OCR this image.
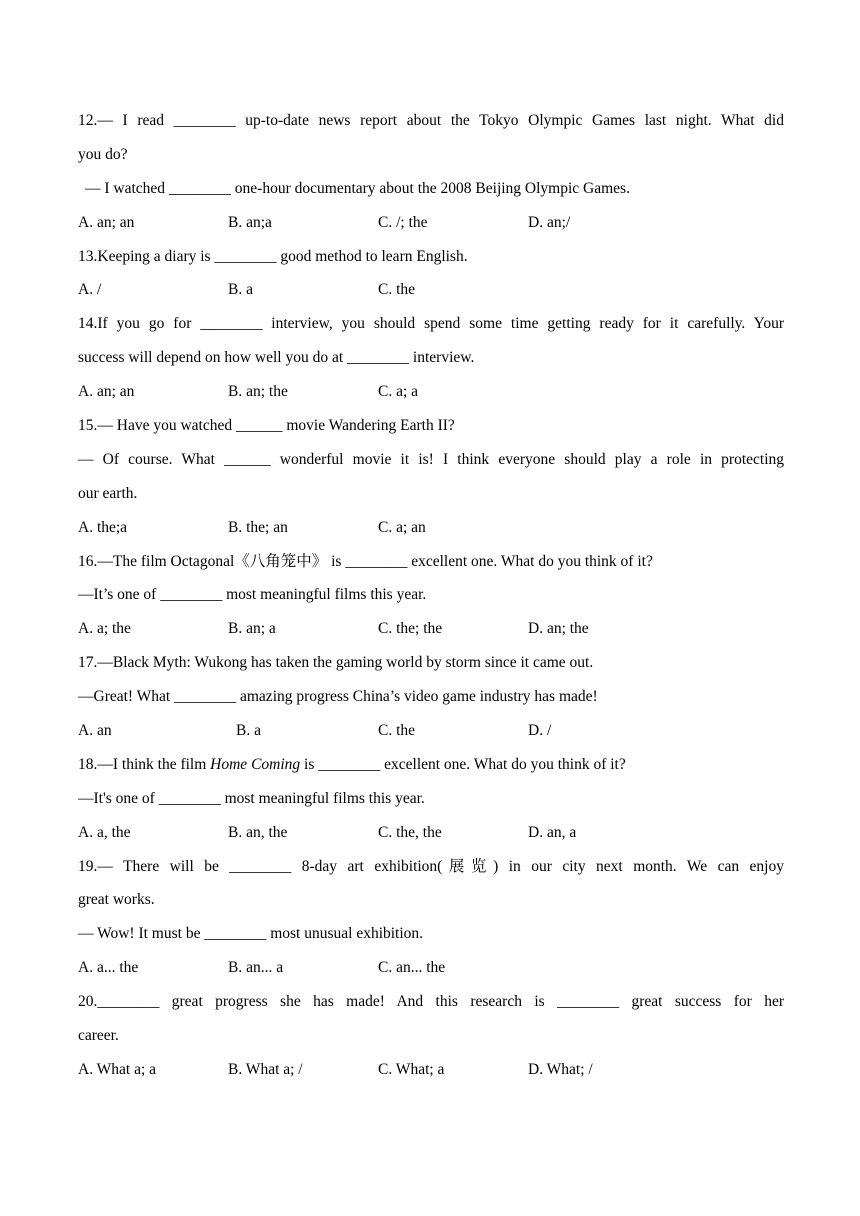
12.— I read ________ up-to-date news report about the Tokyo Olympic Games last night. What did
you do?
— I watched ________ one-hour documentary about the 2008 Beijing Olympic Games.
A. an; an	B. an;a	C. /; the	D. an;/
13.Keeping a diary is ________ good method to learn English.
A. /	B. a	C. the
14.If you go for ________ interview, you should spend some time getting ready for it carefully. Your
success will depend on how well you do at ________ interview.
A. an; an	B. an; the	C. a; a
15.— Have you watched ______ movie Wandering Earth II?
— Of course. What ______ wonderful movie it is! I think everyone should play a role in protecting
our earth.
A. the;a	B. the; an	C. a; an
16.—The film Octagonal《八角笼中》 is ________ excellent one. What do you think of it?
—It’s one of ________ most meaningful films this year.
A. a; the	B. an; a	C. the; the	D. an; the
17.—Black Myth: Wukong has taken the gaming world by storm since it came out.
—Great! What ________ amazing progress China’s video game industry has made!
A. an	B. a	C. the	D. /
18.—I think the film Home Coming is ________ excellent one. What do you think of it?
—It's one of ________ most meaningful films this year.
A. a, the	B. an, the	C. the, the	D. an, a
19.— There will be ________ 8-day art exhibition(展览) in our city next month. We can enjoy
great works.
— Wow! It must be ________ most unusual exhibition.
A. a... the	B. an... a	C. an... the
20.________ great progress she has made! And this research is ________ great success for her
career.
A. What a; a	B. What a; /	C. What; a	D. What; /
